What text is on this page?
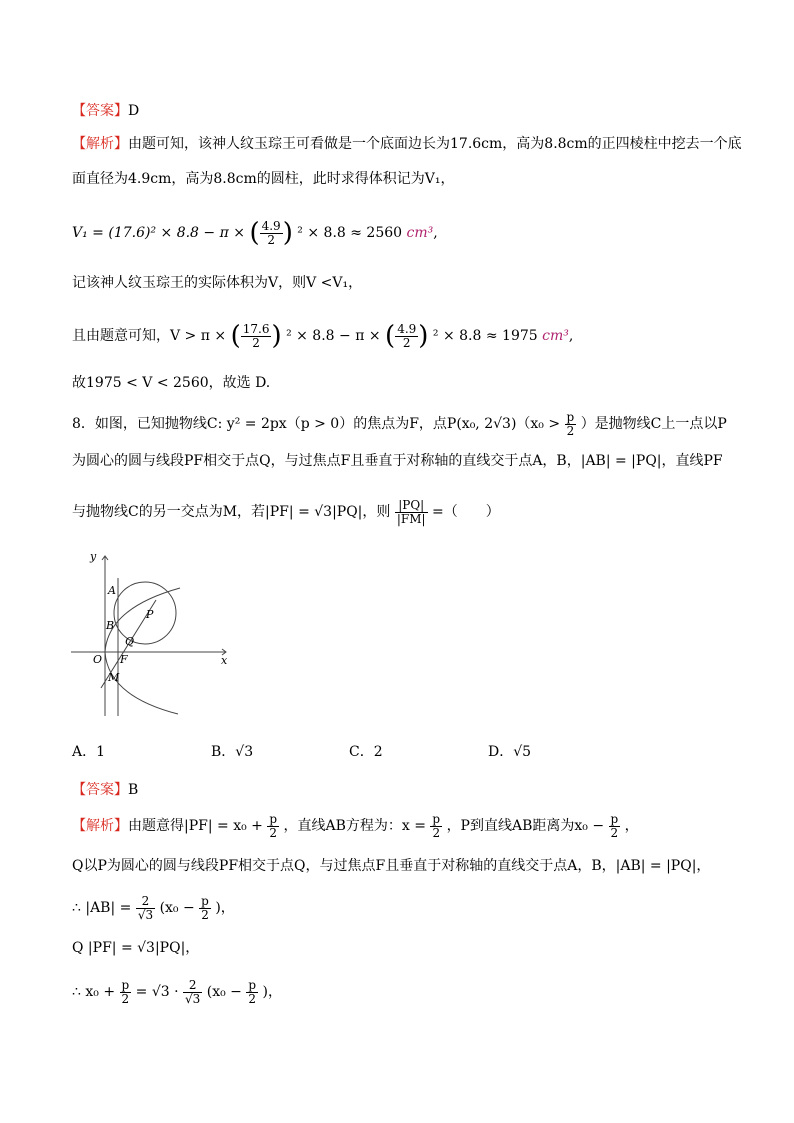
【答案】D
【解析】由题可知，该神人纹玉琮王可看做是一个底面边长为17.6cm，高为8.8cm的正四棱柱中挖去一个底
面直径为4.9cm，高为8.8cm的圆柱，此时求得体积记为V₁，
V₁ = (17.6)² × 8.8 − π × ( $\frac{4.9}{2}$ ) ² × 8.8 ≈ 2560 cm³,
记该神人纹玉琮王的实际体积为V，则V <V₁，
且由题意可知，V > π × ( $\frac{17.6}{2}$ ) ² × 8.8 − π × ( $\frac{4.9}{2}$ ) ² × 8.8 ≈ 1975 cm³,
故1975 < V < 2560，故选 D.
8．如图，已知抛物线C: y² = 2px（p > 0）的焦点为F，点P(x₀, $2√3)(x_0 > \frac{p}{2}$ ）是抛物线C上一点以P
为圆心的圆与线段PF相交于点Q，与过焦点F且垂直于对称轴的直线交于点A，B，|AB| = |PQ|，直线PF
与抛物线C的另一交点为M，若|PF| = √3|PQ|，则 $\frac{|PQ|}{|FM|}$ =（　　）
y
x
A
B
P
Q
O F
M
A．1	B．√3	C．2	D．√5
【答案】B
【解析】由题意得$|PF| = x_0 + \frac{p}{2}$ ，直线AB方程为：$x = \frac{p}{2}$ ，P到直线AB距离为$x_0 - \frac{p}{2}$ ，
Q以P为圆心的圆与线段PF相交于点Q，与过焦点F且垂直于对称轴的直线交于点A，B，|AB| = |PQ|，
∴ $|AB| = \frac{2}{√3} (x_0 - \frac{p}{2}$ )，
Q |PF| = √3|PQ|，
∴ $x_0 + \frac{p}{2} = √3 \cdot \frac{2}{√3} (x_0 - \frac{p}{2}$ )，
